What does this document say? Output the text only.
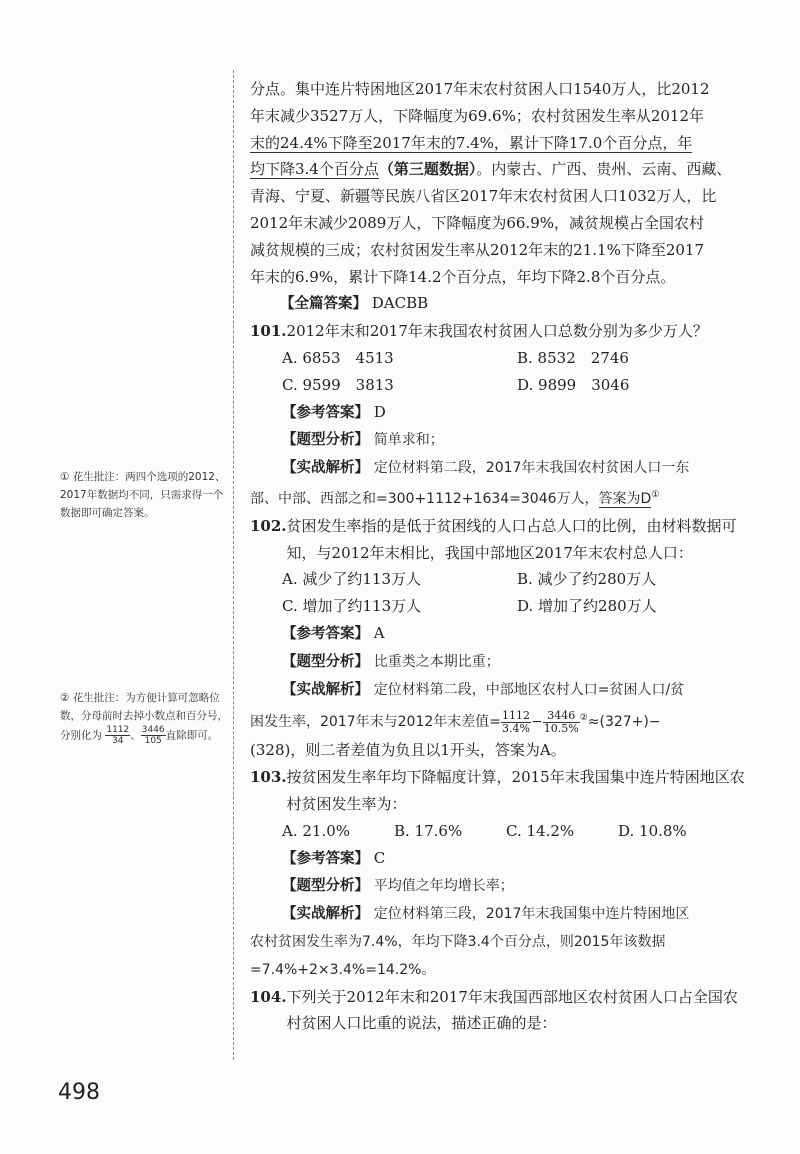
① 花生批注：两四个选项的2012、2017年数据均不同，只需求得一个数据即可确定答案。
② 花生批注：为方便计算可忽略位数，分母前时去掉小数点和百分号，分别化为 $\frac{1112}{34}$ 、 $\frac{3446}{105}$ 直除即可。

分点。集中连片特困地区2017年末农村贫困人口1540万人，比2012

年末减少3527万人，下降幅度为69.6%；农村贫困发生率从2012年

末的24.4%下降至2017年末的7.4%，累计下降17.0个百分点，年

均下降3.4个百分点（第三题数据）。内蒙古、广西、贵州、云南、西藏、

青海、宁夏、新疆等民族八省区2017年末农村贫困人口1032万人，比

2012年末减少2089万人，下降幅度为66.9%，减贫规模占全国农村

减贫规模的三成；农村贫困发生率从2012年末的21.1%下降至2017

年末的6.9%，累计下降14.2个百分点，年均下降2.8个百分点。

【全篇答案】 DACBB

101. 2012年末和2017年末我国农村贫困人口总数分别为多少万人？
A. 6853　4513	B. 8532　2746
C. 9599　3813	D. 9899　3046

【参考答案】 D

【题型分析】 简单求和；

【实战解析】 定位材料第二段，2017年末我国农村贫困人口一东

部、中部、西部之和=300+1112+1634=3046万人，答案为D①

102. 贫困发生率指的是低于贫困线的人口占总人口的比例，由材料数据可知，与2012年末相比，我国中部地区2017年末农村总人口：
A. 减少了约113万人	B. 减少了约280万人
C. 增加了约113万人	D. 增加了约280万人

【参考答案】 A

【题型分析】 比重类之本期比重；

【实战解析】 定位材料第二段，中部地区农村人口=贫困人口/贫

困发生率，2017年末与2012年末差值= $\frac{1112}{3.4\%} - \frac{3446}{10.5\%} ^②\approx(327+)-$

(328)，则二者差值为负且以1开头，答案为A。

103. 按贫困发生率年均下降幅度计算，2015年末我国集中连片特困地区农村贫困发生率为：
A. 21.0%	B. 17.6%	C. 14.2%	D. 10.8%

【参考答案】 C

【题型分析】 平均值之年均增长率；

【实战解析】 定位材料第三段，2017年末我国集中连片特困地区

农村贫困发生率为7.4%，年均下降3.4个百分点，则2015年该数据

=7.4%+2×3.4%=14.2%。

104. 下列关于2012年末和2017年末我国西部地区农村贫困人口占全国农村贫困人口比重的说法，描述正确的是：
498
